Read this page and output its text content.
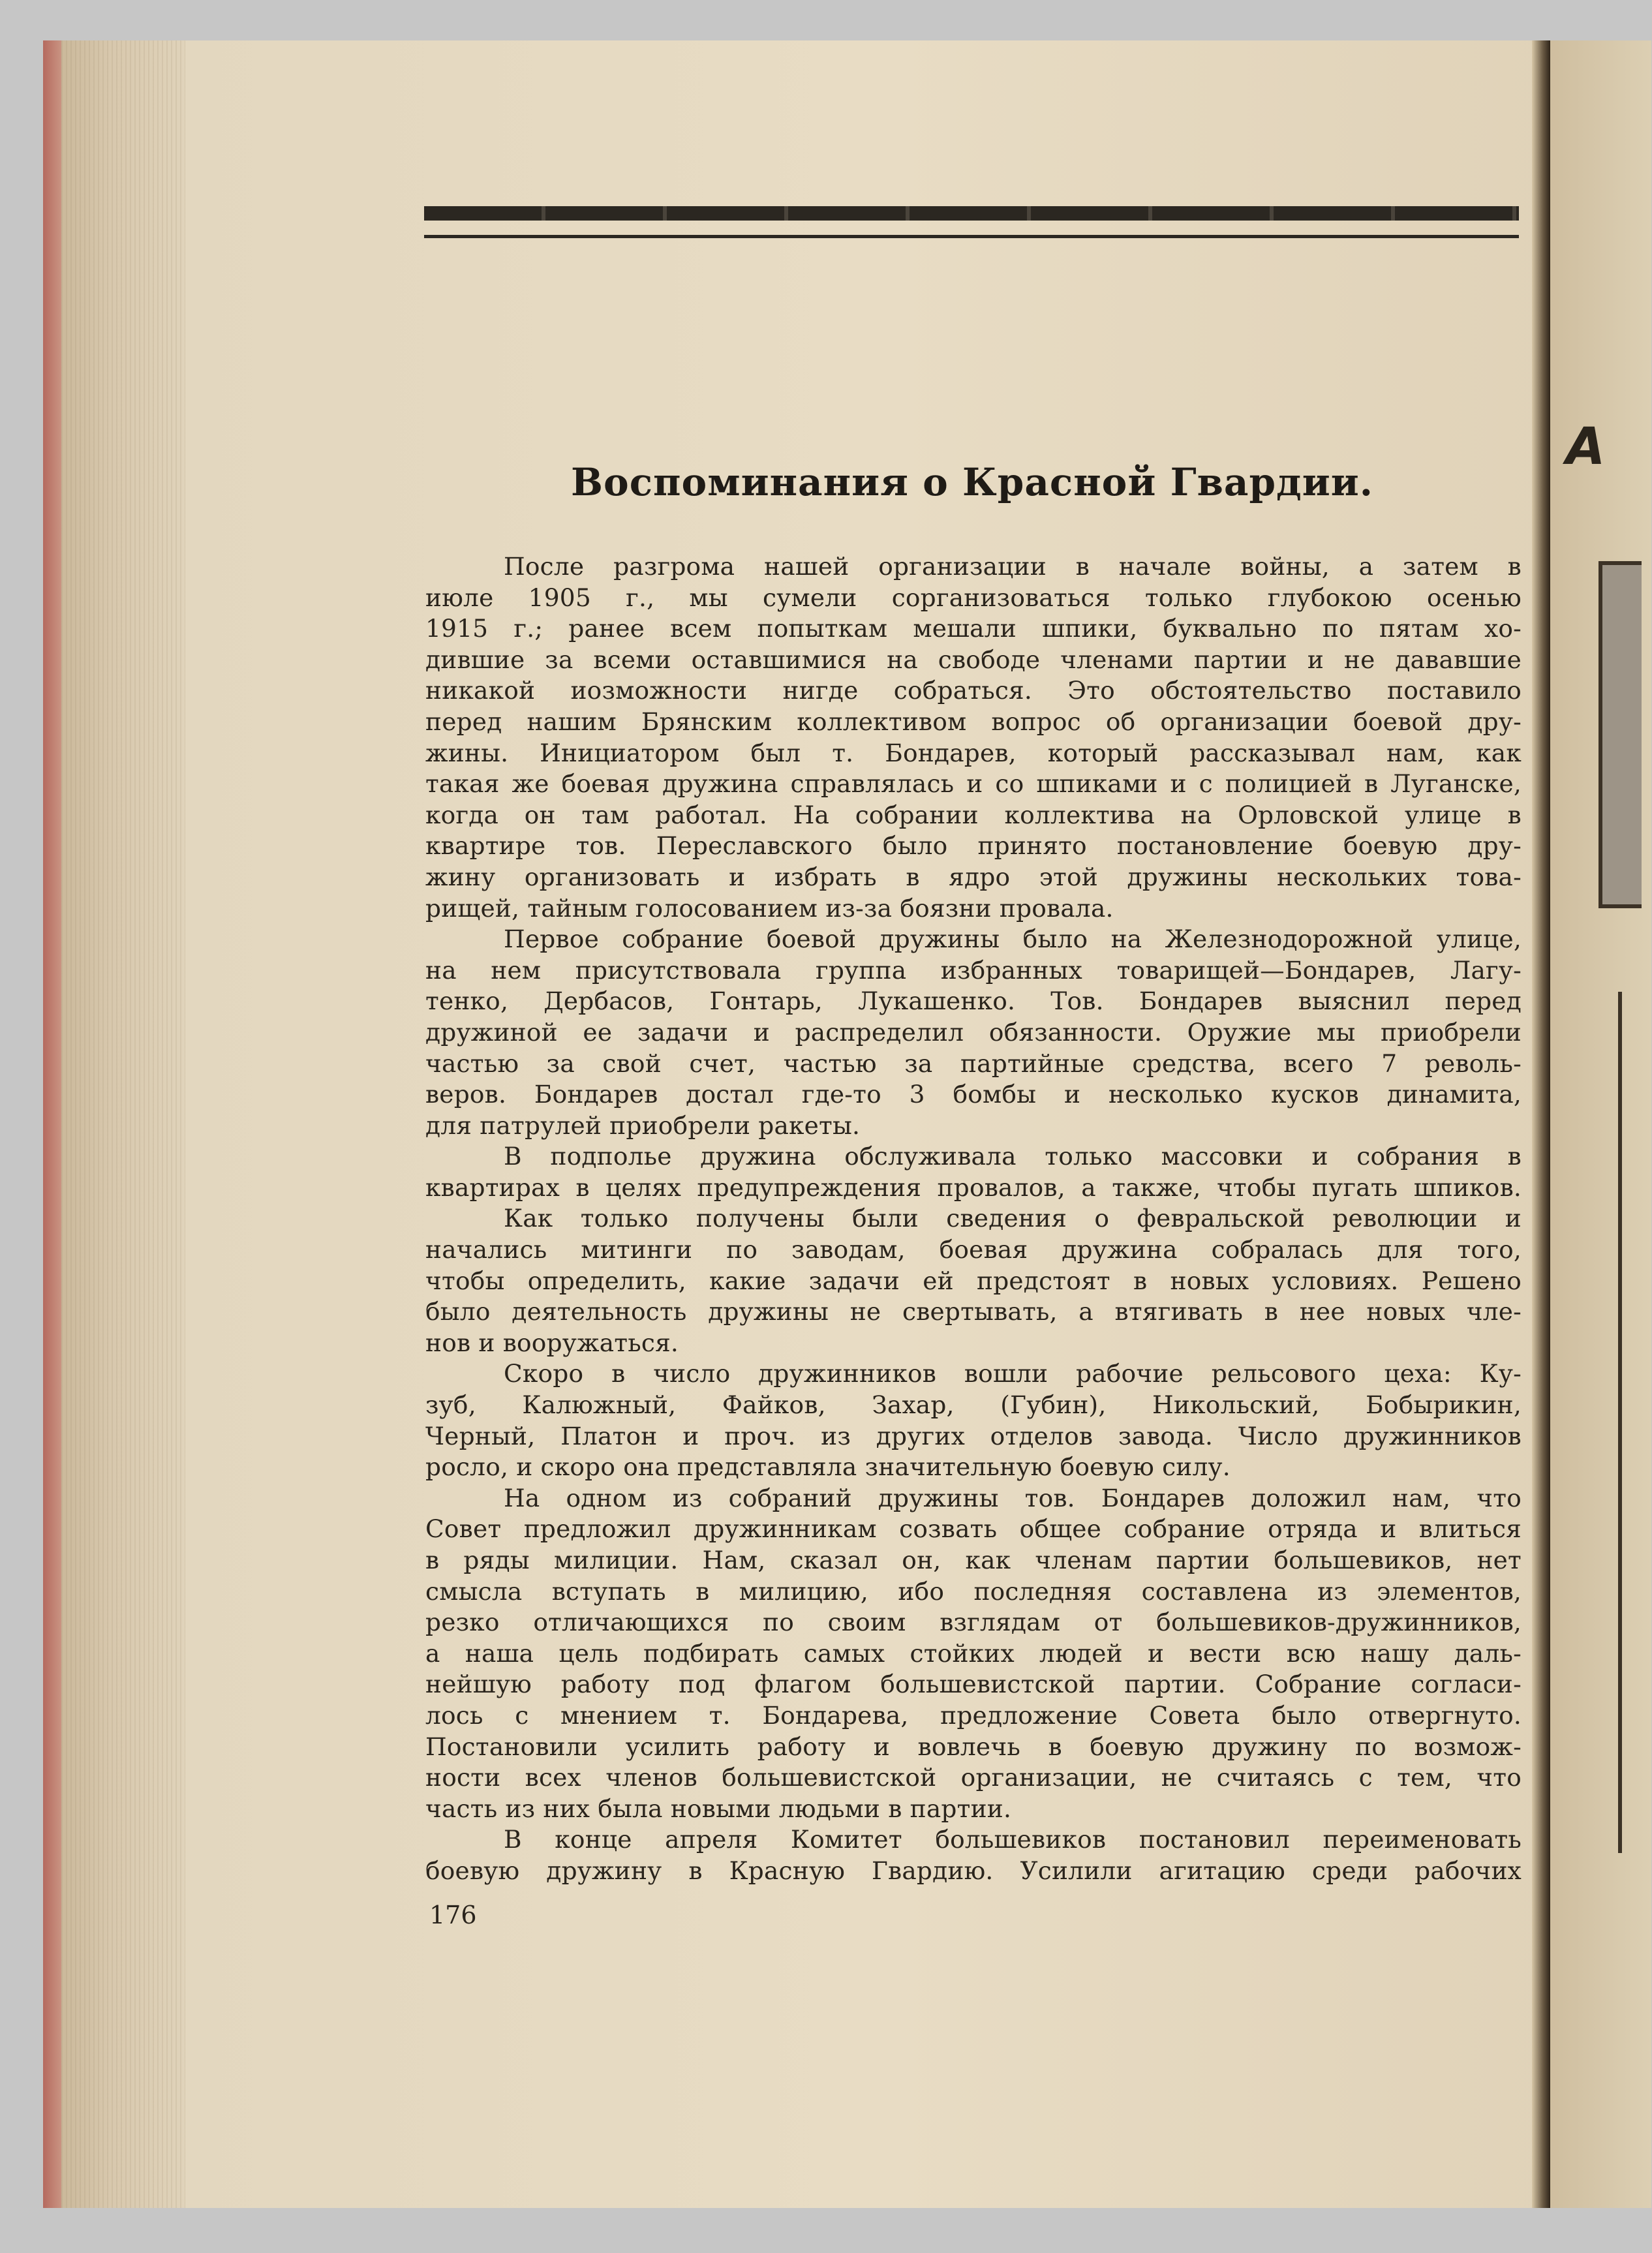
А
Воспоминания о Красной Гвардии.
После разгрома нашей организации в начале войны, а затем в
июле 1905 г., мы сумели сорганизоваться только глубокою осенью
1915 г.; ранее всем попыткам мешали шпики, буквально по пятам хо-
дившие за всеми оставшимися на свободе членами партии и не дававшие
никакой иозможности нигде собраться. Это обстоятельство поставило
перед нашим Брянским коллективом вопрос об организации боевой дру-
жины. Инициатором был т. Бондарев, который рассказывал нам, как
такая же боевая дружина справлялась и со шпиками и с полицией в Луганске,
когда он там работал. На собрании коллектива на Орловской улице в
квартире тов. Переславского было принято постановление боевую дру-
жину организовать и избрать в ядро этой дружины нескольких това-
рищей, тайным голосованием из-за боязни провала.
Первое собрание боевой дружины было на Железнодорожной улице,
на нем присутствовала группа избранных товарищей—Бондарев, Лагу-
тенко, Дербасов, Гонтарь, Лукашенко. Тов. Бондарев выяснил перед
дружиной ее задачи и распределил обязанности. Оружие мы приобрели
частью за свой счет, частью за партийные средства, всего 7 револь-
веров. Бондарев достал где-то 3 бомбы и несколько кусков динамита,
для патрулей приобрели ракеты.
В подполье дружина обслуживала только массовки и собрания в
квартирах в целях предупреждения провалов, а также, чтобы пугать шпиков.
Как только получены были сведения о февральской революции и
начались митинги по заводам, боевая дружина собралась для того,
чтобы определить, какие задачи ей предстоят в новых условиях. Решено
было деятельность дружины не свертывать, а втягивать в нее новых чле-
нов и вооружаться.
Скоро в число дружинников вошли рабочие рельсового цеха: Ку-
зуб, Калюжный, Файков, Захар, (Губин), Никольский, Бобырикин,
Черный, Платон и проч. из других отделов завода. Число дружинников
росло, и скоро она представляла значительную боевую силу.
На одном из собраний дружины тов. Бондарев доложил нам, что
Совет предложил дружинникам созвать общее собрание отряда и влиться
в ряды милиции. Нам, сказал он, как членам партии большевиков, нет
смысла вступать в милицию, ибо последняя составлена из элементов,
резко отличающихся по своим взглядам от большевиков-дружинников,
а наша цель подбирать самых стойких людей и вести всю нашу даль-
нейшую работу под флагом большевистской партии. Собрание согласи-
лось с мнением т. Бондарева, предложение Совета было отвергнуто.
Постановили усилить работу и вовлечь в боевую дружину по возмож-
ности всех членов большевистской организации, не считаясь с тем, что
часть из них была новыми людьми в партии.
В конце апреля Комитет большевиков постановил переименовать
боевую дружину в Красную Гвардию. Усилили агитацию среди рабочих
176
